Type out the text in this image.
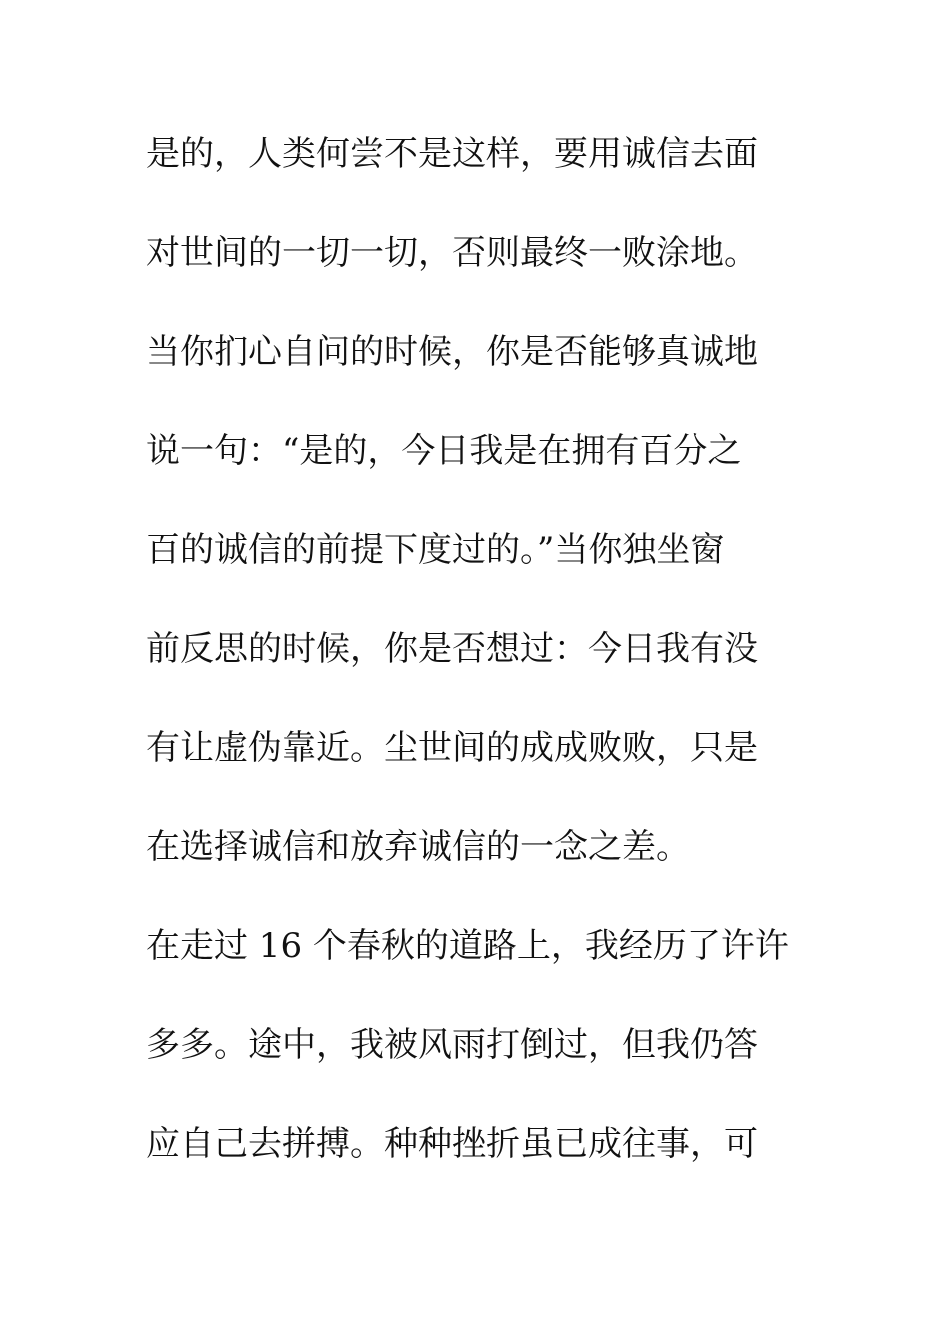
是的，人类何尝不是这样，要用诚信去面
对世间的一切一切，否则最终一败涂地。
当你扪心自问的时候，你是否能够真诚地
说一句：“是的，今日我是在拥有百分之
百的诚信的前提下度过的。”当你独坐窗
前反思的时候，你是否想过：今日我有没
有让虚伪靠近。尘世间的成成败败，只是
在选择诚信和放弃诚信的一念之差。
在走过 16 个春秋的道路上，我经历了许许
多多。途中，我被风雨打倒过，但我仍答
应自己去拼搏。种种挫折虽已成往事，可
